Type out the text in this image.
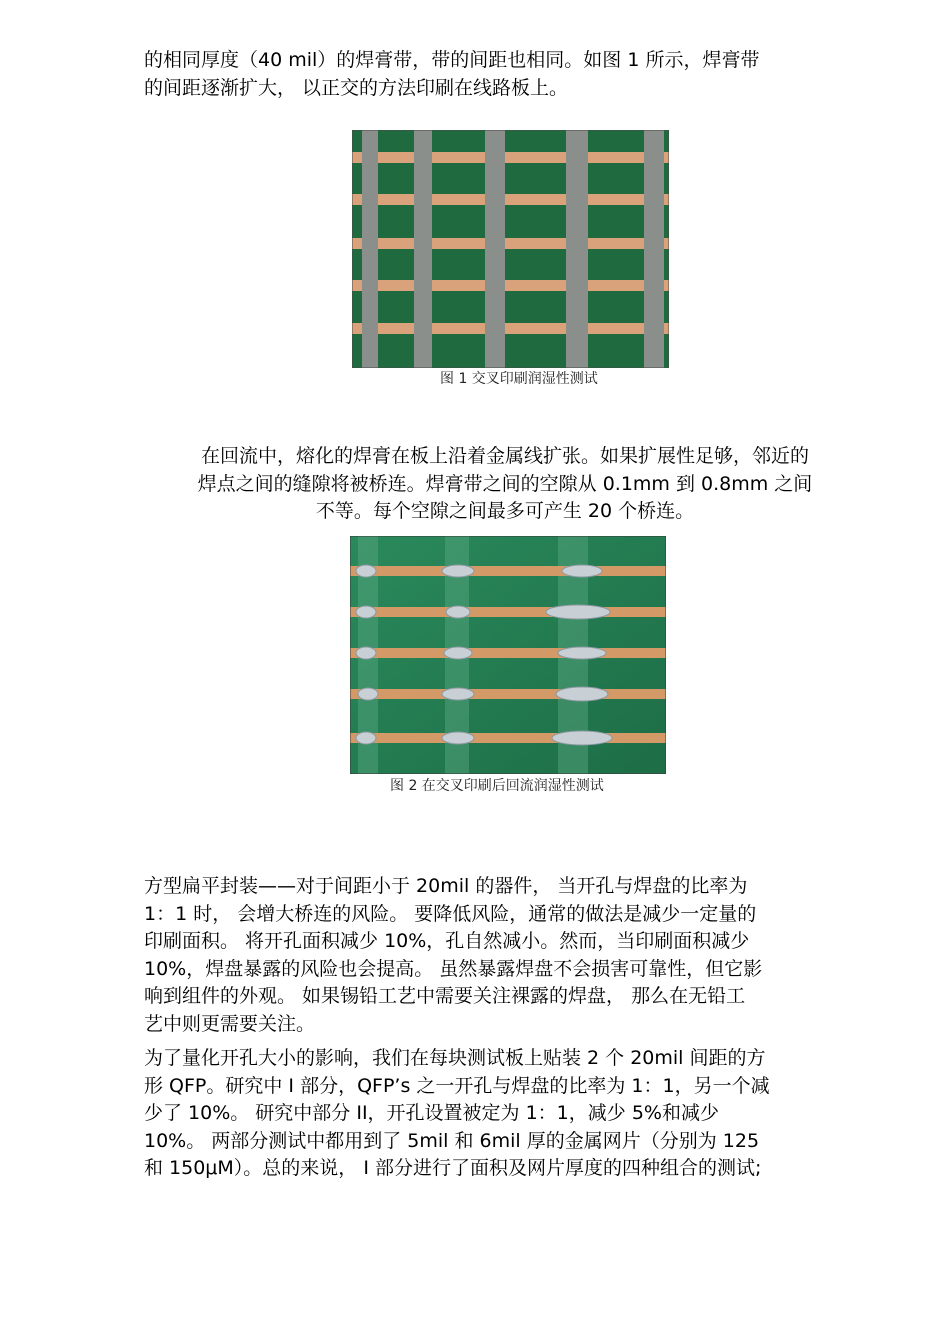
的相同厚度（40 mil）的焊膏带，带的间距也相同。如图 1 所示，焊膏带
的间距逐渐扩大， 以正交的方法印刷在线路板上。
图 1 交叉印刷润湿性测试
在回流中，熔化的焊膏在板上沿着金属线扩张。如果扩展性足够，邻近的
焊点之间的缝隙将被桥连。焊膏带之间的空隙从 0.1mm 到 0.8mm 之间
不等。每个空隙之间最多可产生 20 个桥连。
图 2 在交叉印刷后回流润湿性测试
方型扁平封装——对于间距小于 20mil 的器件， 当开孔与焊盘的比率为
1：1 时， 会增大桥连的风险。 要降低风险，通常的做法是减少一定量的
印刷面积。 将开孔面积减少 10%，孔自然减小。然而，当印刷面积减少
10%，焊盘暴露的风险也会提高。 虽然暴露焊盘不会损害可靠性，但它影
响到组件的外观。 如果锡铅工艺中需要关注裸露的焊盘， 那么在无铅工
艺中则更需要关注。
为了量化开孔大小的影响，我们在每块测试板上贴装 2 个 20mil 间距的方
形 QFP。研究中 I 部分，QFP’s 之一开孔与焊盘的比率为 1：1，另一个减
少了 10%。 研究中部分 II，开孔设置被定为 1：1，减少 5%和减少
10%。 两部分测试中都用到了 5mil 和 6mil 厚的金属网片（分别为 125
和 150μM）。总的来说， I 部分进行了面积及网片厚度的四种组合的测试;
